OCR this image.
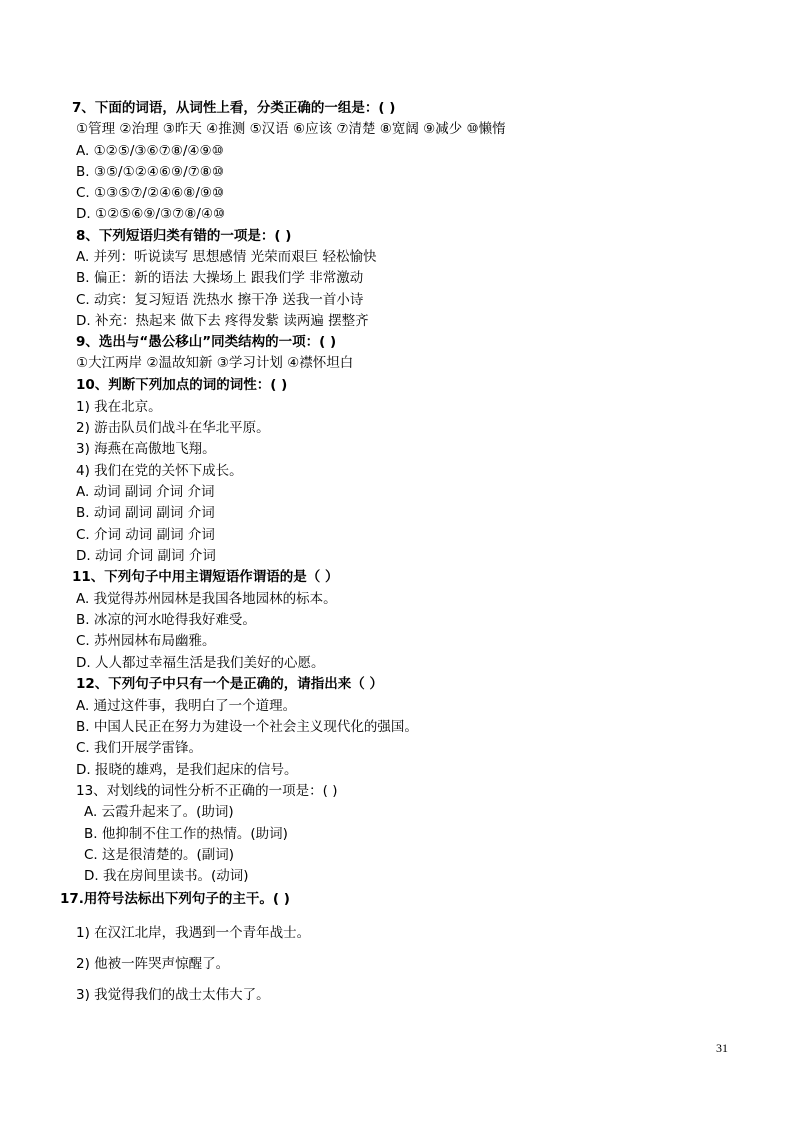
7、下面的词语，从词性上看，分类正确的一组是：( )
①管理 ②治理 ③昨天 ④推测 ⑤汉语 ⑥应该 ⑦清楚 ⑧宽阔 ⑨减少 ⑩懒惰
A. ①②⑤/③⑥⑦⑧/④⑨⑩
B. ③⑤/①②④⑥⑨/⑦⑧⑩
C. ①③⑤⑦/②④⑥⑧/⑨⑩
D. ①②⑤⑥⑨/③⑦⑧/④⑩
8、下列短语归类有错的一项是：( )
A. 并列：听说读写 思想感情 光荣而艰巨 轻松愉快
B. 偏正：新的语法 大操场上 跟我们学 非常激动
C. 动宾：复习短语 洗热水 擦干净 送我一首小诗
D. 补充：热起来 做下去 疼得发紫 读两遍 摆整齐
9、选出与“愚公移山”同类结构的一项：( )
①大江两岸 ②温故知新 ③学习计划 ④襟怀坦白
10、判断下列加点的词的词性：( )
1) 我在北京。
2) 游击队员们战斗在华北平原。
3) 海燕在高傲地飞翔。
4) 我们在党的关怀下成长。
A. 动词 副词 介词 介词
B. 动词 副词 副词 介词
C. 介词 动词 副词 介词
D. 动词 介词 副词 介词
11、下列句子中用主谓短语作谓语的是（ ）
A. 我觉得苏州园林是我国各地园林的标本。
B. 冰凉的河水呛得我好难受。
C. 苏州园林布局幽雅。
D. 人人都过幸福生活是我们美好的心愿。
12、下列句子中只有一个是正确的，请指出来（ ）
A. 通过这件事，我明白了一个道理。
B. 中国人民正在努力为建设一个社会主义现代化的强国。
C. 我们开展学雷锋。
D. 报晓的雄鸡，是我们起床的信号。
13、对划线的词性分析不正确的一项是：( )
A. 云霞升起来了。(助词)
B. 他抑制不住工作的热情。(助词)
C. 这是很清楚的。(副词)
D. 我在房间里读书。(动词)
17.用符号法标出下列句子的主干。( )
1) 在汉江北岸，我遇到一个青年战士。
2) 他被一阵哭声惊醒了。
3) 我觉得我们的战士太伟大了。
31
